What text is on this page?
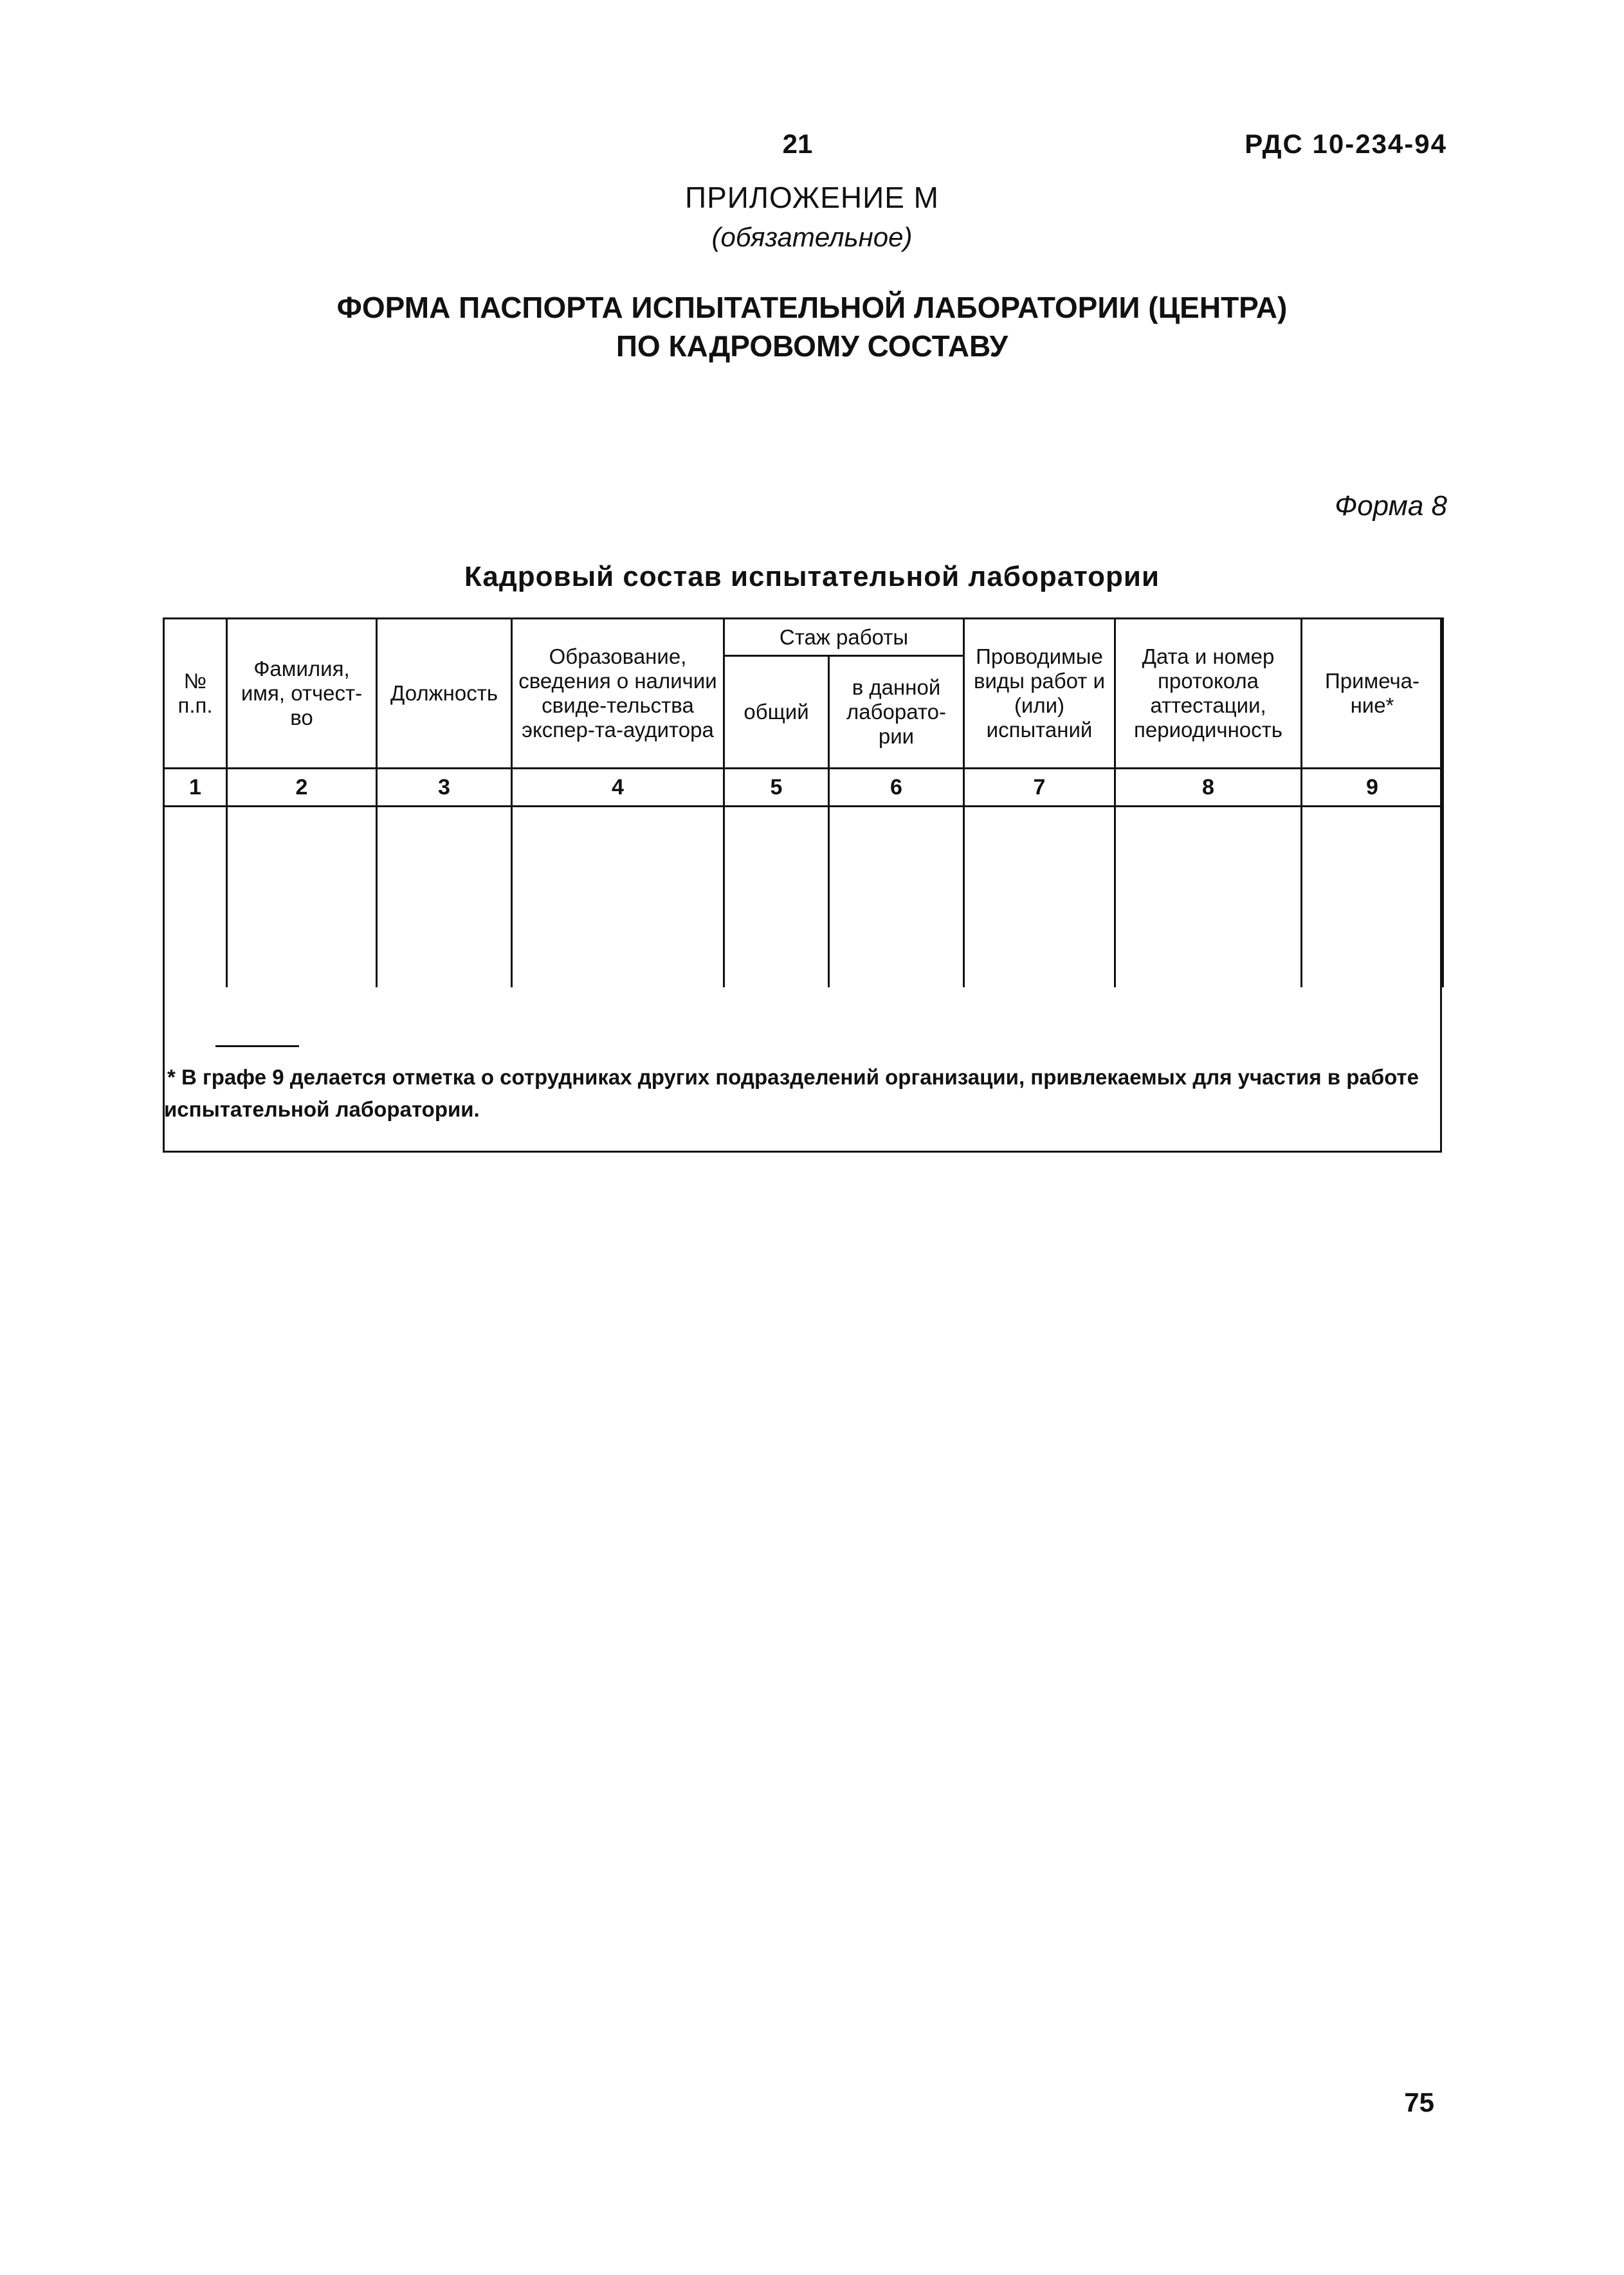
21	РДС 10-234-94
ПРИЛОЖЕНИЕ М
(обязательное)
ФОРМА ПАСПОРТА ИСПЫТАТЕЛЬНОЙ ЛАБОРАТОРИИ (ЦЕНТРА)
ПО КАДРОВОМУ СОСТАВУ
Форма 8
Кадровый состав испытательной лаборатории
№ п.п.	Фамилия, имя, отчест-во	Должность	Образование, сведения о наличии свиде-тельства экспер-та-аудитора	Стаж работы		Проводимые виды работ и (или) испытаний	Дата и номер протокола аттестации, периодичность	Примеча-ние*
				общий	в данной лаборато-рии			
1	2	3	4	5	6	7	8	9

* В графе 9 делается отметка о сотрудниках других подразделений организации, привлекаемых для участия в работе испытательной лаборатории.
75
